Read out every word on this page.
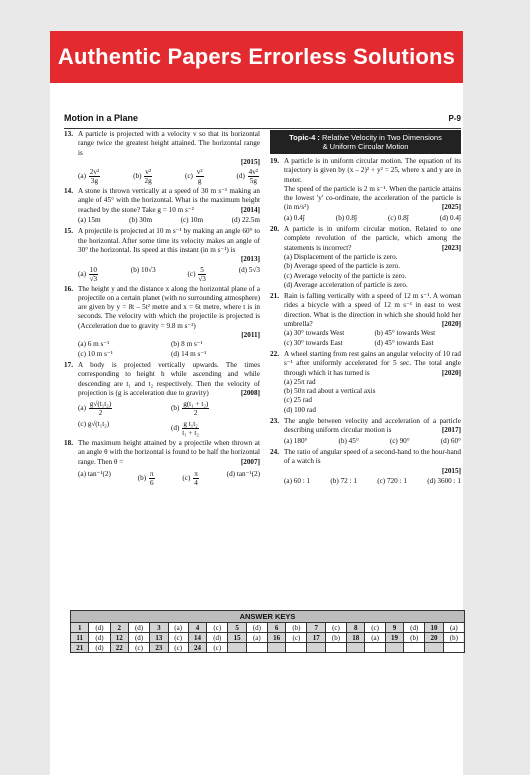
Authentic Papers Errorless Solutions
Motion in a Plane	P-9
13. A particle is projected with a velocity v so that its horizontal range twice the greatest height attained. The horizontal range is
[2015]
$(a) \frac{\text{2v²}}{3g}$	$(b) \frac{\text{v²}}{2g}$	$(c) \frac{\text{v²}}{g}$	$(d) \frac{\text{4v²}}{5g}$
14. A stone is thrown vertically at a speed of 30 m s⁻¹ making an angle of 45° with the horizontal. What is the maximum height reached by the stone? Take g = 10 m s⁻²	[2014]
(a) 15m	(b) 30m	(c) 10m	(d) 22.5m
15. A projectile is projected at 10 m s⁻¹ by making an angle 60° to the horizontal. After some time its velocity makes an angle of 30° the horizontal. Its speed at this instant (in m s⁻¹) is
[2013]
$(a) \frac{10}{√3}$	(b) 10√3
$(c) \frac{5}{√3}$	(d) 5√3
16. The height y and the distance x along the horizontal plane of a projectile on a certain planet (with no surrounding atmosphere) are given by y = 8t – 5t² metre and x = 6t metre, where t is in seconds. The velocity with which the projectile is projected is (Acceleration due to gravity = 9.8 m s⁻²)
[2011]
(a) 6 m s⁻¹	(b) 8 m s⁻¹
(c) 10 m s⁻¹	(d) 14 m s⁻¹
17. A body is projected vertically upwards. The times corresponding to height h while ascending and while descending are t₁ and t₂ respectively. Then the velocity of projection is (g is acceleration due to gravity)	[2008]
$(a) \frac{\text{g√(t₁t₂)}}{2}$	$(b) \frac{\text{g(t₁ + t₂)}}{2}$
(c) g√(t₁t₂)
$(d) \frac{\text{g t₁t₂}}{\text{t₁ + t₂}}$
18. The maximum height attained by a projectile when thrown at an angle θ with the horizontal is found to be half the horizontal range. Then θ =	[2007]
(a) tan⁻¹(2)
$(b) \frac{\pi}{6}$	$(c) \frac{\pi}{4}$	(d) tan⁻¹(2)
Topic-4 : Relative Velocity in Two Dimensions
& Uniform Circular Motion
19. A particle is in uniform circular motion. The equation of its trajectory is given by (x – 2)² + y² = 25, where x and y are in meter.
The speed of the particle is 2 m s⁻¹. When the particle attains the lowest 'y' co-ordinate, the acceleration of the particle is (in m/s²)	[2025]
(a) 0.4ĵ	(b) 0.8ĵ	(c) 0.8ĵ	(d) 0.4ĵ
20. A particle is in uniform circular motion. Related to one complete revolution of the particle, which among the statements is incorrect?	[2023]
(a) Displacement of the particle is zero.
(b) Average speed of the particle is zero.
(c) Average velocity of the particle is zero.
(d) Average acceleration of particle is zero.
21. Rain is falling vertically with a speed of 12 m s⁻¹. A woman rides a bicycle with a speed of 12 m s⁻¹ in east to west direction. What is the direction in which she should hold her umbrella?	[2020]
(a) 30° towards West	(b) 45° towards West
(c) 30° towards East	(d) 45° towards East
22. A wheel starting from rest gains an angular velocity of 10 rad s⁻¹ after uniformly accelerated for 5 sec. The total angle through which it has turned is	[2020]
(a) 25π rad
(b) 50π rad about a vertical axis
(c) 25 rad
(d) 100 rad
23. The angle between velocity and acceleration of a particle describing uniform circular motion is	[2017]
(a) 180°	(b) 45°	(c) 90°	(d) 60°
24. The ratio of angular speed of a second-hand to the hour-hand of a watch is
[2015]
(a) 60 : 1	(b) 72 : 1	(c) 720 : 1	(d) 3600 : 1
ANSWER KEYS
1	(d)	2	(d)	3	(a)	4	(c)	5	(d)	6	(b)	7	(c)	8	(c)	9	(d)	10	(a)
11	(d)	12	(d)	13	(c)	14	(d)	15	(a)	16	(c)	17	(b)	18	(a)	19	(b)	20	(b)
21	(d)	22	(c)	23	(c)	24	(c)												
